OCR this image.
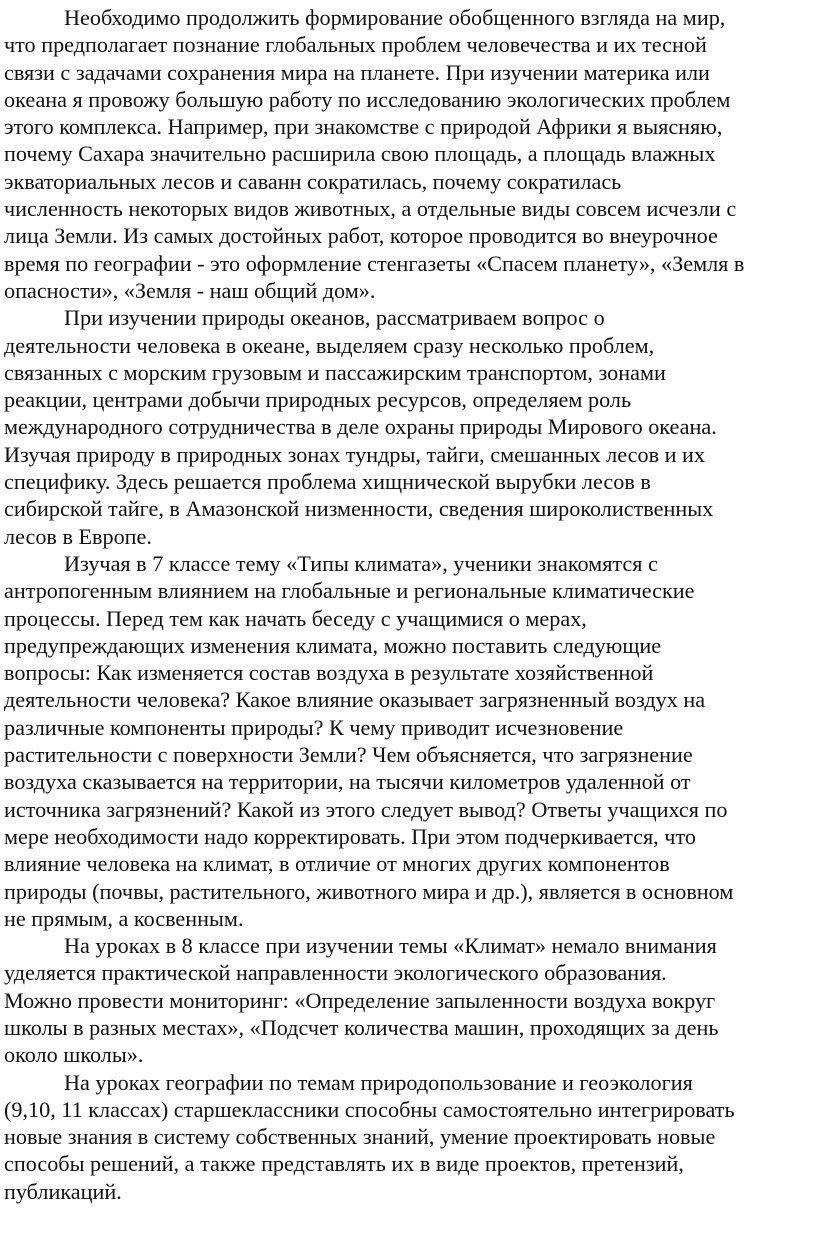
Необходимо продолжить формирование обобщенного взгляда на мир,
что предполагает познание глобальных проблем человечества и их тесной
связи с задачами сохранения мира на планете. При изучении материка или
океана я провожу большую работу по исследованию экологических проблем
этого комплекса. Например, при знакомстве с природой Африки я выясняю,
почему Сахара значительно расширила свою площадь, а площадь влажных
экваториальных лесов и саванн сократилась, почему сократилась
численность некоторых видов животных, а отдельные виды совсем исчезли с
лица Земли. Из самых достойных работ, которое проводится во внеурочное
время по географии - это оформление стенгазеты «Спасем планету», «Земля в
опасности», «Земля - наш общий дом».

При изучении природы океанов, рассматриваем вопрос о
деятельности человека в океане, выделяем сразу несколько проблем,
связанных с морским грузовым и пассажирским транспортом, зонами
реакции, центрами добычи природных ресурсов, определяем роль
международного сотрудничества в деле охраны природы Мирового океана.
Изучая природу в природных зонах тундры, тайги, смешанных лесов и их
специфику. Здесь решается проблема хищнической вырубки лесов в
сибирской тайге, в Амазонской низменности, сведения широколиственных
лесов в Европе.

Изучая в 7 классе тему «Типы климата», ученики знакомятся с
антропогенным влиянием на глобальные и региональные климатические
процессы. Перед тем как начать беседу с учащимися о мерах,
предупреждающих изменения климата, можно поставить следующие
вопросы: Как изменяется состав воздуха в результате хозяйственной
деятельности человека? Какое влияние оказывает загрязненный воздух на
различные компоненты природы? К чему приводит исчезновение
растительности с поверхности Земли? Чем объясняется, что загрязнение
воздуха сказывается на территории, на тысячи километров удаленной от
источника загрязнений? Какой из этого следует вывод? Ответы учащихся по
мере необходимости надо корректировать. При этом подчеркивается, что
влияние человека на климат, в отличие от многих других компонентов
природы (почвы, растительного, животного мира и др.), является в основном
не прямым, а косвенным.

На уроках в 8 классе при изучении темы «Климат» немало внимания
уделяется практической направленности экологического образования.
Можно провести мониторинг: «Определение запыленности воздуха вокруг
школы в разных местах», «Подсчет количества машин, проходящих за день
около школы».

На уроках географии по темам природопользование и геоэкология
(9,10, 11 классах) старшеклассники способны самостоятельно интегрировать
новые знания в систему собственных знаний, умение проектировать новые
способы решений, а также представлять их в виде проектов, претензий,
публикаций.
